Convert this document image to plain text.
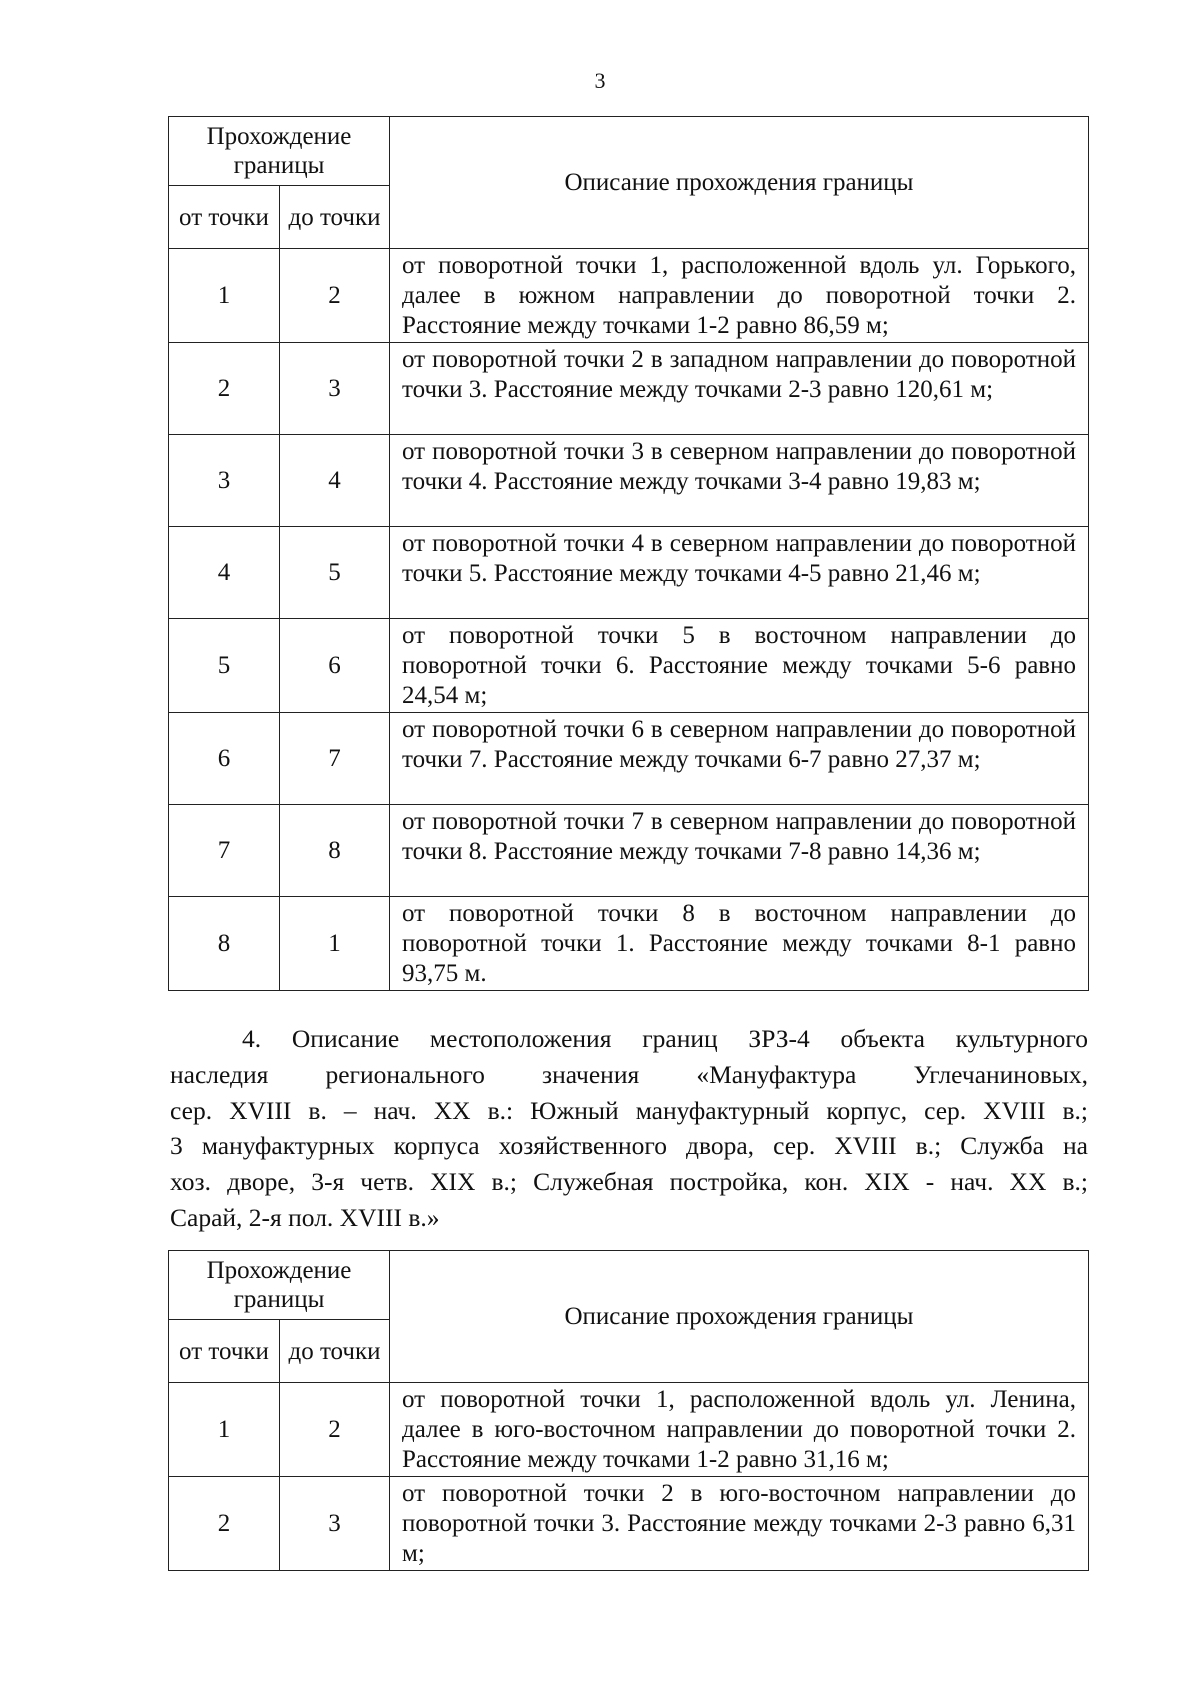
3
Прохождение границы		Описание прохождения границы
от точки	до точки	
1	2	от поворотной точки 1, расположенной вдоль ул. Горького, далее в южном направлении до поворотной точки 2. Расстояние между точками 1-2 равно 86,59 м;
2	3	от поворотной точки 2 в западном направлении до поворотной точки 3. Расстояние между точками 2-3 равно 120,61 м;
3	4	от поворотной точки 3 в северном направлении до поворотной точки 4. Расстояние между точками 3-4 равно 19,83 м;
4	5	от поворотной точки 4 в северном направлении до поворотной точки 5. Расстояние между точками 4-5 равно 21,46 м;
5	6	от поворотной точки 5 в восточном направлении до поворотной точки 6. Расстояние между точками 5-6 равно 24,54 м;
6	7	от поворотной точки 6 в северном направлении до поворотной точки 7. Расстояние между точками 6-7 равно 27,37 м;
7	8	от поворотной точки 7 в северном направлении до поворотной точки 8. Расстояние между точками 7-8 равно 14,36 м;
8	1	от поворотной точки 8 в восточном направлении до поворотной точки 1. Расстояние между точками 8-1 равно 93,75 м.
4. Описание местоположения границ ЗРЗ-4 объекта культурного
наследия регионального значения «Мануфактура Углечаниновых,
сер. XVIII в. – нач. XX в.: Южный мануфактурный корпус, сер. XVIII в.;
3 мануфактурных корпуса хозяйственного двора, сер. XVIII в.; Служба на
хоз. дворе, 3-я четв. XIX в.; Служебная постройка, кон. XIX - нач. XX в.;
Сарай, 2-я пол. XVIII в.»
Прохождение границы		Описание прохождения границы
от точки	до точки	
1	2	от поворотной точки 1, расположенной вдоль ул. Ленина, далее в юго-восточном направлении до поворотной точки 2. Расстояние между точками 1-2 равно 31,16 м;
2	3	от поворотной точки 2 в юго-восточном направлении до поворотной точки 3. Расстояние между точками 2-3 равно 6,31 м;
